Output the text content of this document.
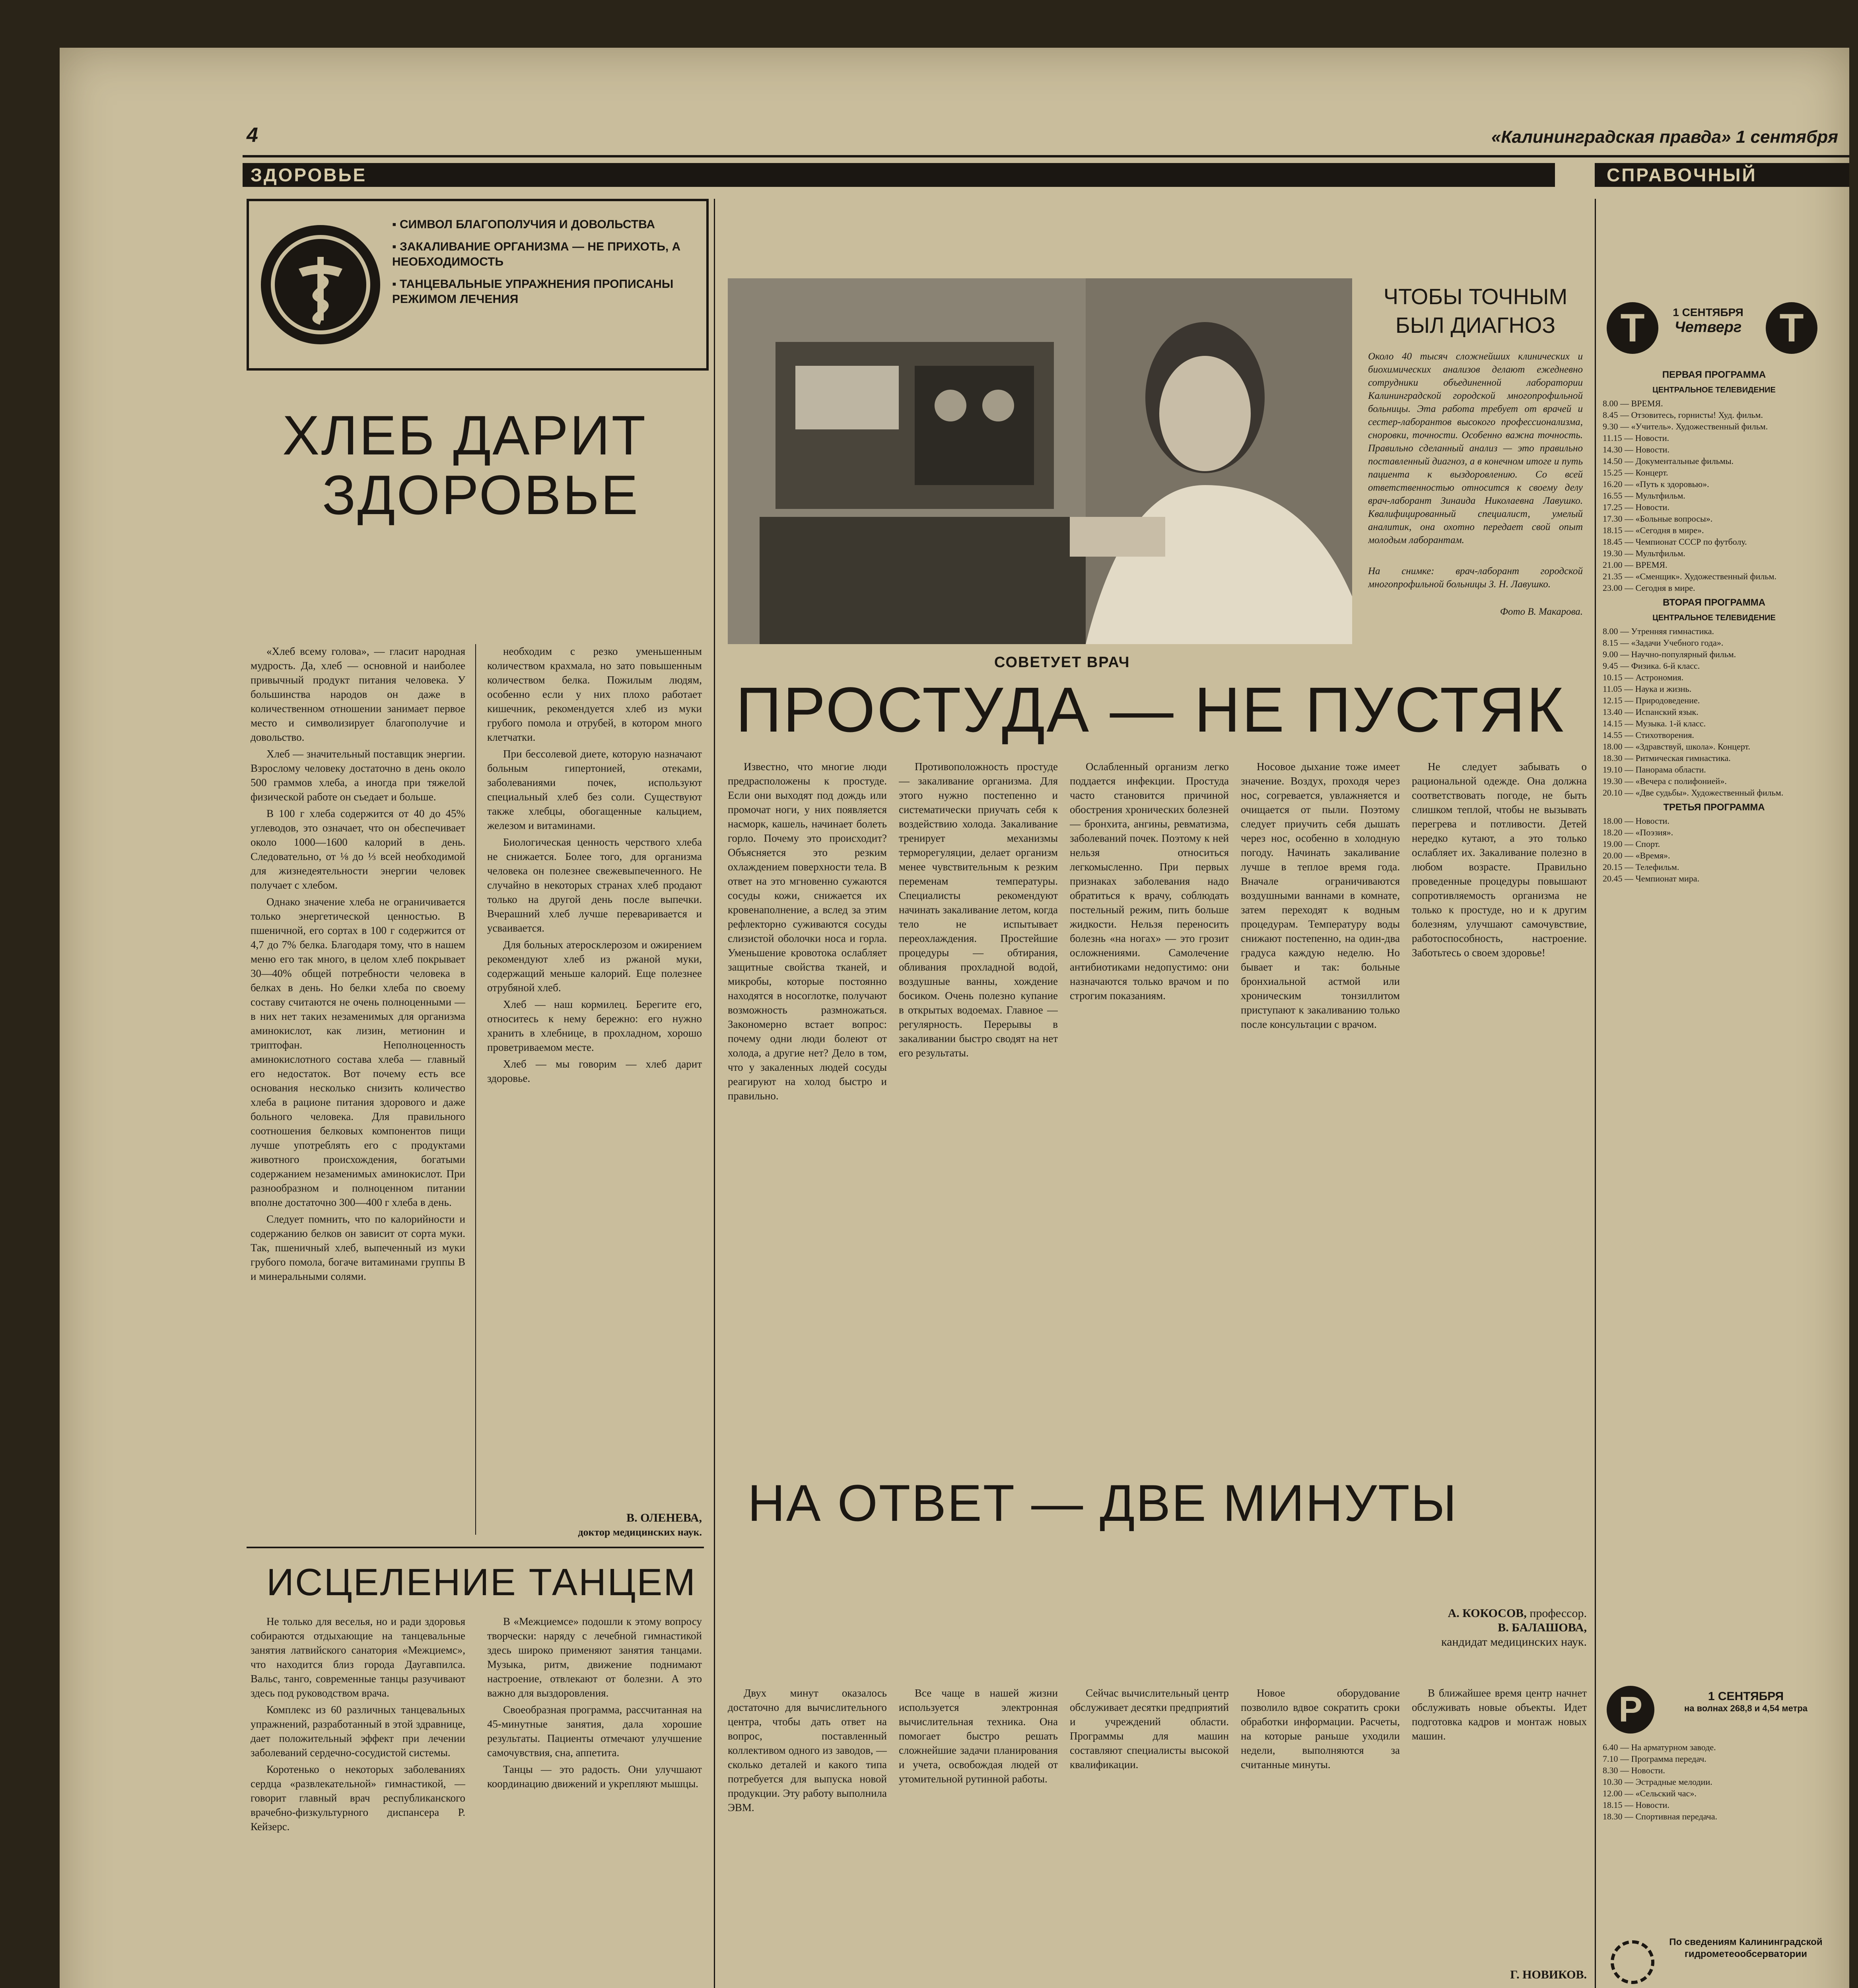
4	«Калининградская правда» 1 сентября
ЗДОРОВЬЕ	СПРАВОЧНЫЙ
▪ СИМВОЛ БЛАГОПОЛУЧИЯ И ДОВОЛЬСТВА
▪ ЗАКАЛИВАНИЕ ОРГАНИЗМА — НЕ ПРИХОТЬ, А НЕОБХОДИМОСТЬ
▪ ТАНЦЕВАЛЬНЫЕ УПРАЖНЕНИЯ ПРОПИСАНЫ РЕЖИМОМ ЛЕЧЕНИЯ
ХЛЕБ ДАРИТ
ЗДОРОВЬЕ

«Хлеб всему голова», — гласит народная мудрость. Да, хлеб — основной и наиболее привычный продукт питания человека. У большинства народов он даже в количественном отношении занимает первое место и символизирует благополучие и довольство.

Хлеб — значительный поставщик энергии. Взрослому человеку достаточно в день около 500 граммов хлеба, а иногда при тяжелой физической работе он съедает и больше.

В 100 г хлеба содержится от 40 до 45% углеводов, это означает, что он обеспечивает около 1000—1600 калорий в день. Следовательно, от ⅛ до ⅓ всей необходимой для жизнедеятельности энергии человек получает с хлебом.

Однако значение хлеба не ограничивается только энергетической ценностью. В пшеничной, его сортах в 100 г содержится от 4,7 до 7% белка. Благодаря тому, что в нашем меню его так много, в целом хлеб покрывает 30—40% общей потребности человека в белках в день. Но белки хлеба по своему составу считаются не очень полноценными — в них нет таких незаменимых для организма аминокислот, как лизин, метионин и триптофан. Неполноценность аминокислотного состава хлеба — главный его недостаток. Вот почему есть все основания несколько снизить количество хлеба в рационе питания здорового и даже больного человека. Для правильного соотношения белковых компонентов пищи лучше употреблять его с продуктами животного происхождения, богатыми содержанием незаменимых аминокислот. При разнообразном и полноценном питании вполне достаточно 300—400 г хлеба в день.

Следует помнить, что по калорийности и содержанию белков он зависит от сорта муки. Так, пшеничный хлеб, выпеченный из муки грубого помола, богаче витаминами группы В и минеральными солями.

необходим с резко уменьшенным количеством крахмала, но зато повышенным количеством белка. Пожилым людям, особенно если у них плохо работает кишечник, рекомендуется хлеб из муки грубого помола и отрубей, в котором много клетчатки.

При бессолевой диете, которую назначают больным гипертонией, отеками, заболеваниями почек, используют специальный хлеб без соли. Существуют также хлебцы, обогащенные кальцием, железом и витаминами.

Биологическая ценность черствого хлеба не снижается. Более того, для организма человека он полезнее свежевыпеченного. Не случайно в некоторых странах хлеб продают только на другой день после выпечки. Вчерашний хлеб лучше переваривается и усваивается.

Для больных атеросклерозом и ожирением рекомендуют хлеб из ржаной муки, содержащий меньше калорий. Еще полезнее отрубяной хлеб.

Хлеб — наш кормилец. Берегите его, относитесь к нему бережно: его нужно хранить в хлебнице, в прохладном, хорошо проветриваемом месте.

Хлеб — мы говорим — хлеб дарит здоровье.

В. ОЛЕНЕВА,
доктор медицинских наук.
ИСЦЕЛЕНИЕ ТАНЦЕМ

Не только для веселья, но и ради здоровья собираются отдыхающие на танцевальные занятия латвийского санатория «Межциемс», что находится близ города Даугавпилса. Вальс, танго, современные танцы разучивают здесь под руководством врача.

Комплекс из 60 различных танцевальных упражнений, разработанный в этой здравнице, дает положительный эффект при лечении заболеваний сердечно-сосудистой системы.

Коротенько о некоторых заболеваниях сердца «развлекательной» гимнастикой, — говорит главный врач республиканского врачебно-физкультурного диспансера Р. Кейзерс.

В «Межциемсе» подошли к этому вопросу творчески: наряду с лечебной гимнастикой здесь широко применяют занятия танцами. Музыка, ритм, движение поднимают настроение, отвлекают от болезни. А это важно для выздоровления.

Своеобразная программа, рассчитанная на 45-минутные занятия, дала хорошие результаты. Пациенты отмечают улучшение самочувствия, сна, аппетита.

Танцы — это радость. Они улучшают координацию движений и укрепляют мышцы.

ЧТОБЫ ТОЧНЫМ
БЫЛ ДИАГНОЗ
Около 40 тысяч сложнейших клинических и биохимических анализов делают ежедневно сотрудники объединенной лаборатории Калининградской городской многопрофильной больницы. Эта работа требует от врачей и сестер-лаборантов высокого профессионализма, сноровки, точности. Особенно важна точность. Правильно сделанный анализ — это правильно поставленный диагноз, а в конечном итоге и путь пациента к выздоровлению. Со всей ответственностью относится к своему делу врач-лаборант Зинаида Николаевна Лавушко. Квалифицированный специалист, умелый аналитик, она охотно передает свой опыт молодым лаборантам.
На снимке: врач-лаборант городской многопрофильной больницы З. Н. Лавушко.
Фото В. Макарова.
СОВЕТУЕТ ВРАЧ
ПРОСТУДА — НЕ ПУСТЯК
Известно, что многие люди предрасположены к простуде. Если они выходят под дождь или промочат ноги, у них появляется насморк, кашель, начинает болеть горло. Почему это происходит? Объясняется это резким охлаждением поверхности тела. В ответ на это мгновенно сужаются сосуды кожи, снижается их кровенаполнение, а вслед за этим рефлекторно суживаются сосуды слизистой оболочки носа и горла. Уменьшение кровотока ослабляет защитные свойства тканей, и микробы, которые постоянно находятся в носоглотке, получают возможность размножаться. Закономерно встает вопрос: почему одни люди болеют от холода, а другие нет? Дело в том, что у закаленных людей сосуды реагируют на холод быстро и правильно.
Противоположность простуде — закаливание организма. Для этого нужно постепенно и систематически приучать себя к воздействию холода. Закаливание тренирует механизмы терморегуляции, делает организм менее чувствительным к резким переменам температуры. Специалисты рекомендуют начинать закаливание летом, когда тело не испытывает переохлаждения. Простейшие процедуры — обтирания, обливания прохладной водой, воздушные ванны, хождение босиком. Очень полезно купание в открытых водоемах. Главное — регулярность. Перерывы в закаливании быстро сводят на нет его результаты.
Ослабленный организм легко поддается инфекции. Простуда часто становится причиной обострения хронических болезней — бронхита, ангины, ревматизма, заболеваний почек. Поэтому к ней нельзя относиться легкомысленно. При первых признаках заболевания надо обратиться к врачу, соблюдать постельный режим, пить больше жидкости. Нельзя переносить болезнь «на ногах» — это грозит осложнениями. Самолечение антибиотиками недопустимо: они назначаются только врачом и по строгим показаниям.
Носовое дыхание тоже имеет значение. Воздух, проходя через нос, согревается, увлажняется и очищается от пыли. Поэтому следует приучить себя дышать через нос, особенно в холодную погоду. Начинать закаливание лучше в теплое время года. Вначале ограничиваются воздушными ваннами в комнате, затем переходят к водным процедурам. Температуру воды снижают постепенно, на один-два градуса каждую неделю. Но бывает и так: больные бронхиальной астмой или хроническим тонзиллитом приступают к закаливанию только после консультации с врачом.
Не следует забывать о рациональной одежде. Она должна соответствовать погоде, не быть слишком теплой, чтобы не вызывать перегрева и потливости. Детей нередко кутают, а это только ослабляет их. Закаливание полезно в любом возрасте. Правильно проведенные процедуры повышают сопротивляемость организма не только к простуде, но и к другим болезням, улучшают самочувствие, работоспособность, настроение. Заботьтесь о своем здоровье!
А. КОКОСОВ, профессор.
В. БАЛАШОВА,
кандидат медицинских наук.
НА ОТВЕТ — ДВЕ МИНУТЫ
Двух минут оказалось достаточно для вычислительного центра, чтобы дать ответ на вопрос, поставленный коллективом одного из заводов, — сколько деталей и какого типа потребуется для выпуска новой продукции. Эту работу выполнила ЭВМ.
Все чаще в нашей жизни используется электронная вычислительная техника. Она помогает быстро решать сложнейшие задачи планирования и учета, освобождая людей от утомительной рутинной работы.
Сейчас вычислительный центр обслуживает десятки предприятий и учреждений области. Программы для машин составляют специалисты высокой квалификации.
Новое оборудование позволило вдвое сократить сроки обработки информации. Расчеты, на которые раньше уходили недели, выполняются за считанные минуты.
В ближайшее время центр начнет обслуживать новые объекты. Идет подготовка кадров и монтаж новых машин.
Г. НОВИКОВ.
Т	1 СЕНТЯБРЯ
Четверг Т
ПЕРВАЯ ПРОГРАММА
ЦЕНТРАЛЬНОЕ ТЕЛЕВИДЕНИЕ

8.00 — ВРЕМЯ.

8.45 — Отзовитесь, горнисты! Худ. фильм.

9.30 — «Учитель». Художественный фильм.

11.15 — Новости.

14.30 — Новости.

14.50 — Документальные фильмы.

15.25 — Концерт.

16.20 — «Путь к здоровью».

16.55 — Мультфильм.

17.25 — Новости.

17.30 — «Больные вопросы».

18.15 — «Сегодня в мире».

18.45 — Чемпионат СССР по футболу.

19.30 — Мультфильм.

21.00 — ВРЕМЯ.

21.35 — «Сменщик». Художественный фильм.

23.00 — Сегодня в мире.

ВТОРАЯ ПРОГРАММА
ЦЕНТРАЛЬНОЕ ТЕЛЕВИДЕНИЕ

8.00 — Утренняя гимнастика.

8.15 — «Задачи Учебного года».

9.00 — Научно-популярный фильм.

9.45 — Физика. 6-й класс.

10.15 — Астрономия.

11.05 — Наука и жизнь.

12.15 — Природоведение.

13.40 — Испанский язык.

14.15 — Музыка. 1-й класс.

14.55 — Стихотворения.

18.00 — «Здравствуй, школа». Концерт.

18.30 — Ритмическая гимнастика.

19.10 — Панорама области.

19.30 — «Вечера с полифонией».

20.10 — «Две судьбы». Художественный фильм.

ТРЕТЬЯ ПРОГРАММА

18.00 — Новости.

18.20 — «Поэзия».

19.00 — Спорт.

20.00 — «Время».

20.15 — Телефильм.

20.45 — Чемпионат мира.

Р	1 СЕНТЯБРЯ
на волнах 268,8 и 4,54 метра

6.40 — На арматурном заводе.

7.10 — Программа передач.

8.30 — Новости.

10.30 — Эстрадные мелодии.

12.00 — «Сельский час».

18.15 — Новости.

18.30 — Спортивная передача.

По сведениям Калининградской гидрометеообсерватории
